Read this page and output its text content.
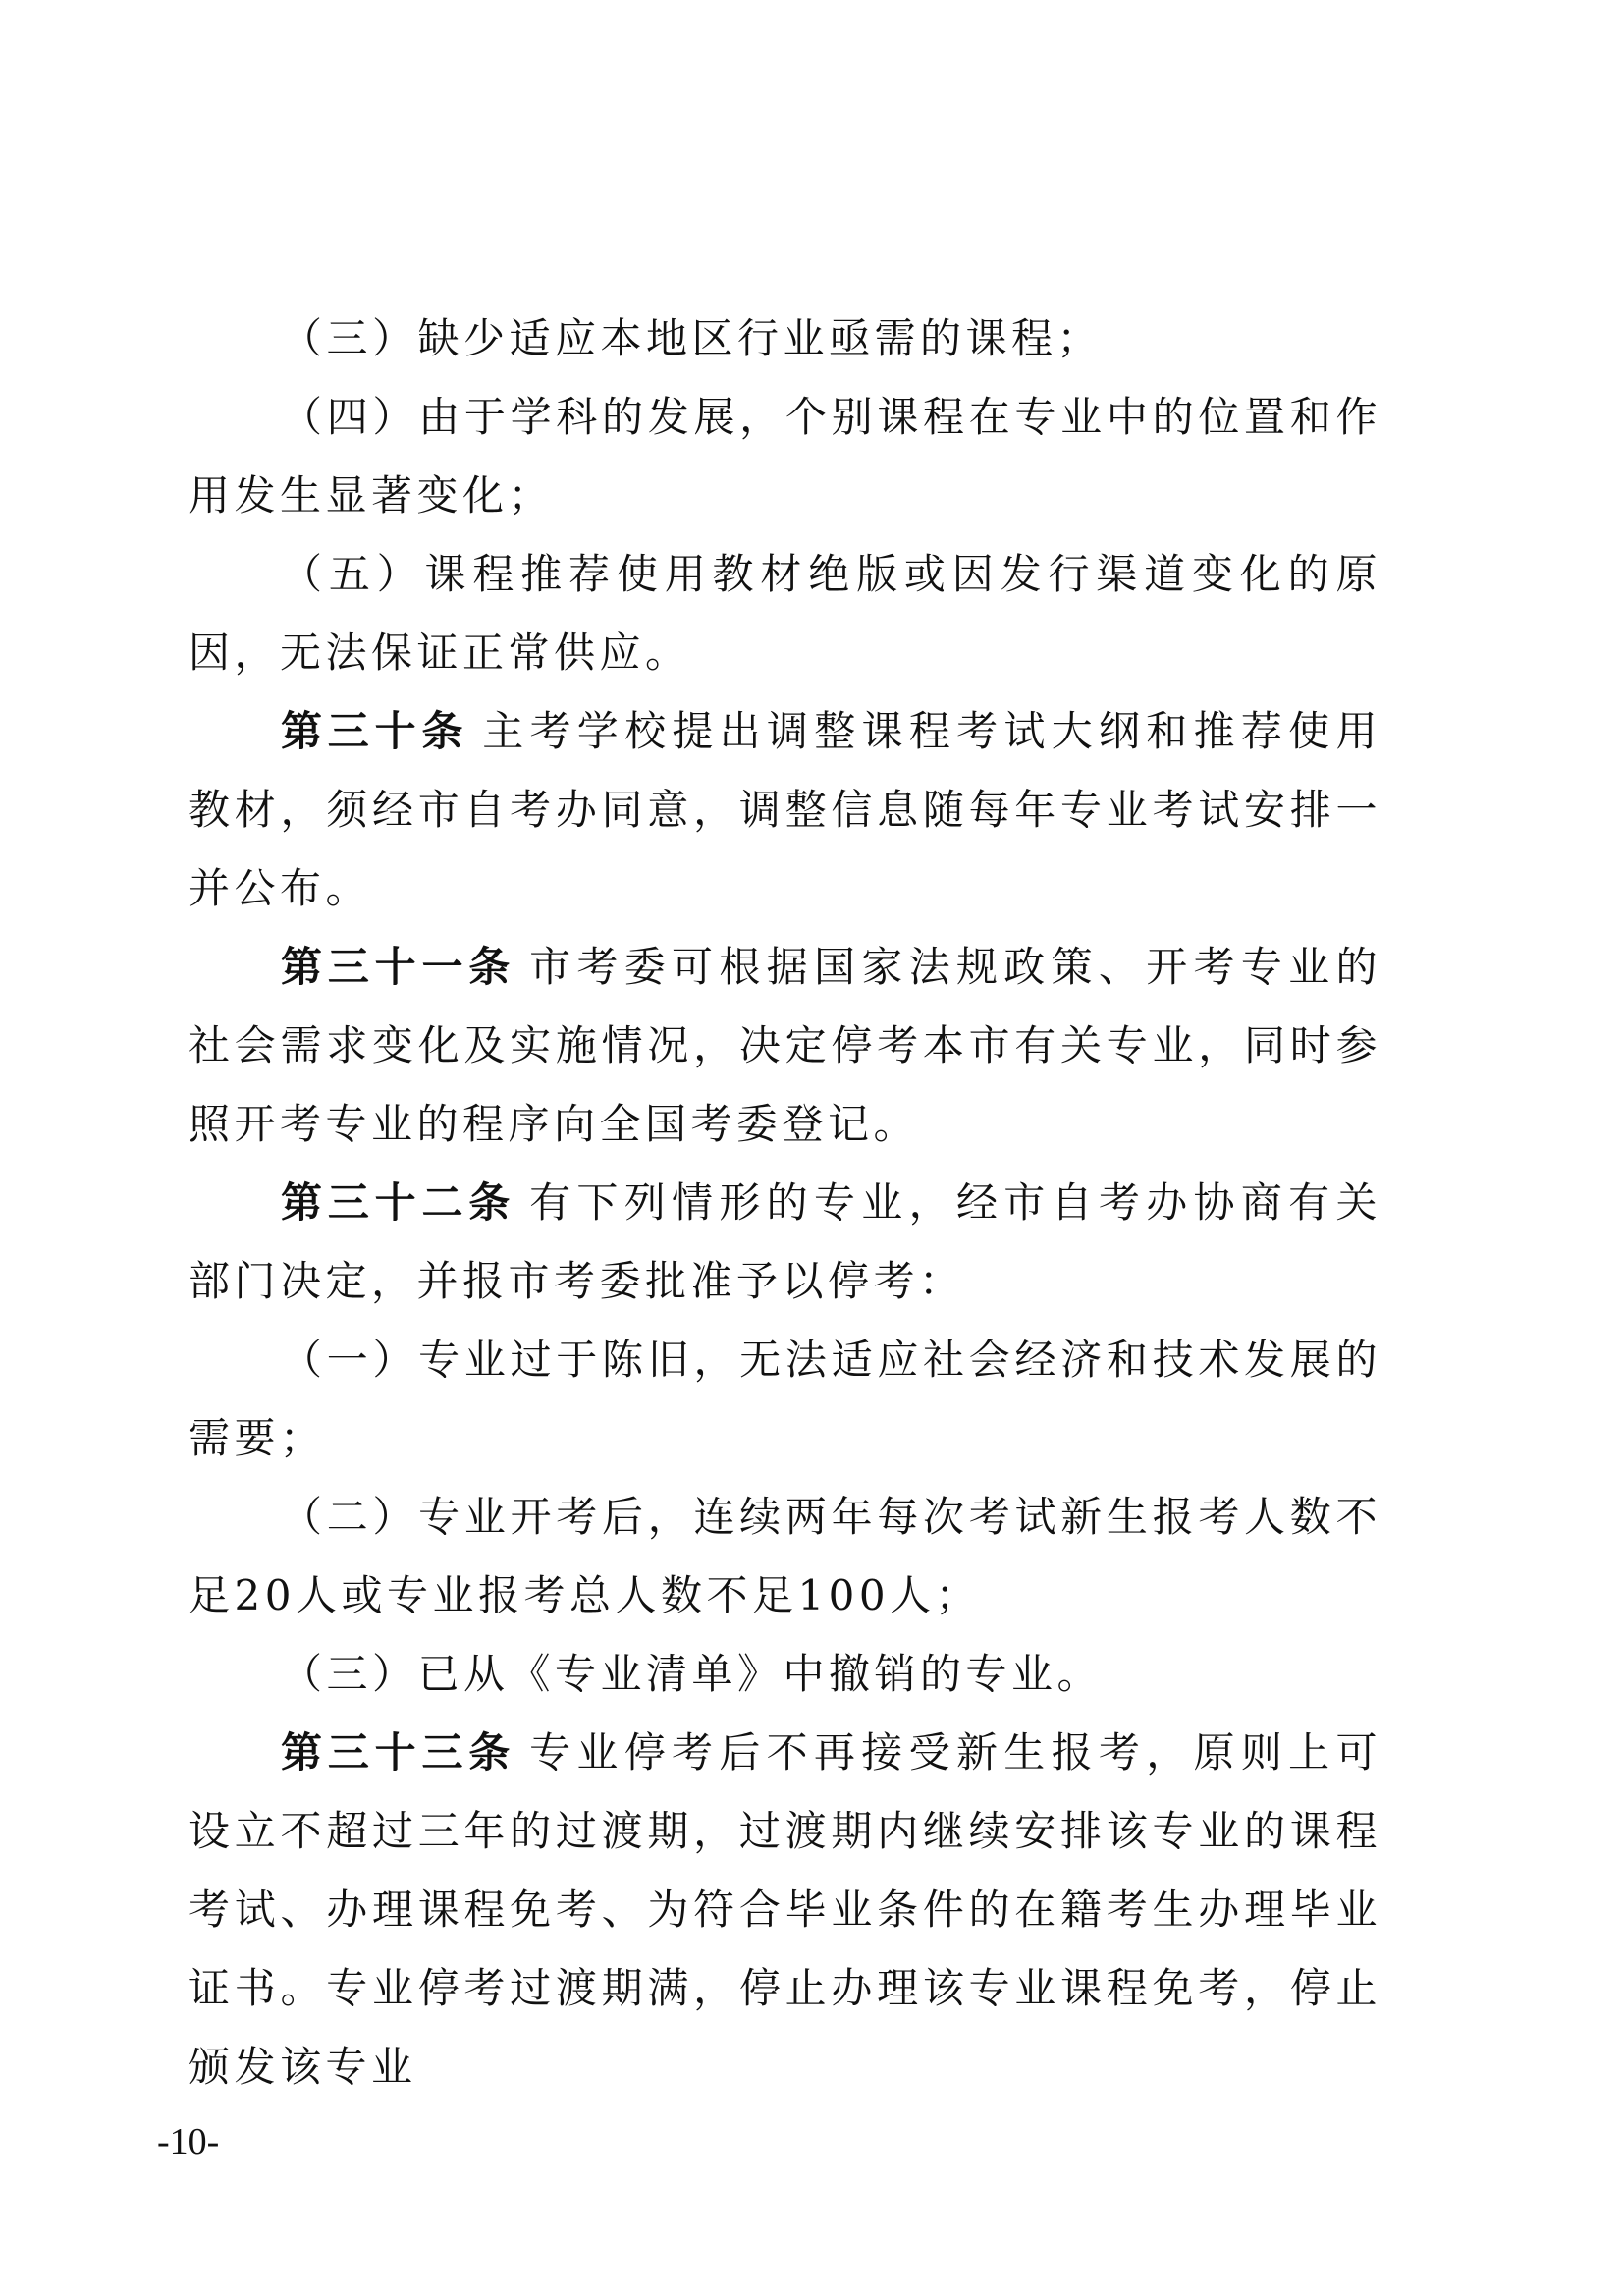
（三）缺少适应本地区行业亟需的课程；

（四）由于学科的发展，个别课程在专业中的位置和作用发生显著变化；

（五）课程推荐使用教材绝版或因发行渠道变化的原因，无法保证正常供应。

第三十条 主考学校提出调整课程考试大纲和推荐使用教材，须经市自考办同意，调整信息随每年专业考试安排一并公布。

第三十一条 市考委可根据国家法规政策、开考专业的社会需求变化及实施情况，决定停考本市有关专业，同时参照开考专业的程序向全国考委登记。

第三十二条 有下列情形的专业，经市自考办协商有关部门决定，并报市考委批准予以停考：

（一）专业过于陈旧，无法适应社会经济和技术发展的需要；

（二）专业开考后，连续两年每次考试新生报考人数不足20人或专业报考总人数不足100人；

（三）已从《专业清单》中撤销的专业。

第三十三条 专业停考后不再接受新生报考，原则上可设立不超过三年的过渡期，过渡期内继续安排该专业的课程考试、办理课程免考、为符合毕业条件的在籍考生办理毕业证书。专业停考过渡期满，停止办理该专业课程免考，停止颁发该专业

-10-
